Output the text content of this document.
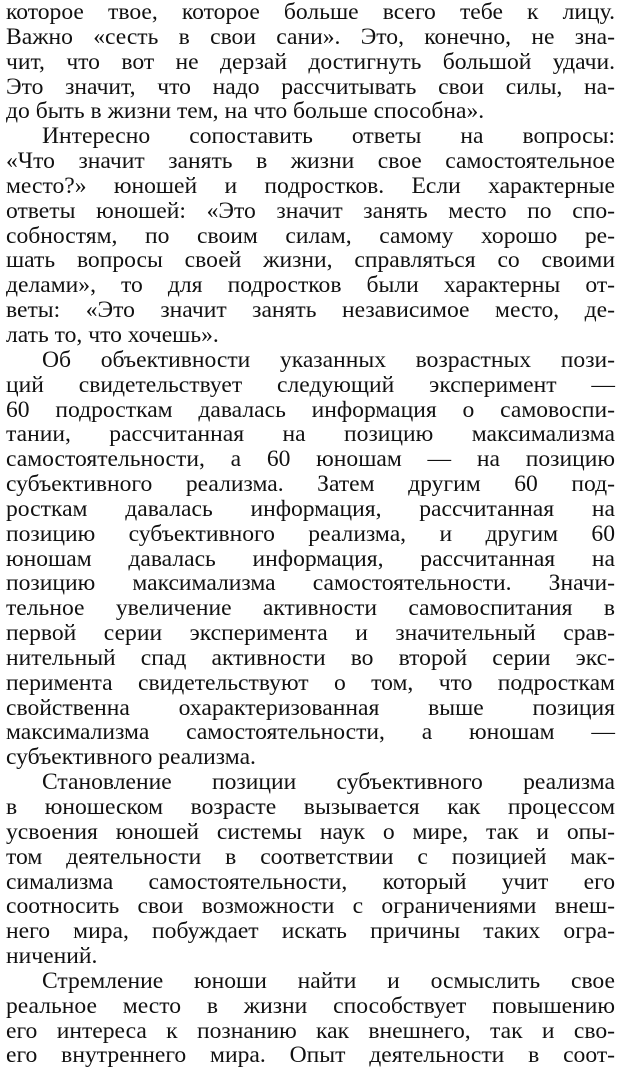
которое твое, которое больше всего тебе к лицу.
Важно «сесть в свои сани». Это, конечно, не зна-
чит, что вот не дерзай достигнуть большой удачи.
Это значит, что надо рассчитывать свои силы, на-
до быть в жизни тем, на что больше способна».
Интересно сопоставить ответы на вопросы:
«Что значит занять в жизни свое самостоятельное
место?» юношей и подростков. Если характерные
ответы юношей: «Это значит занять место по спо-
собностям, по своим силам, самому хорошо ре-
шать вопросы своей жизни, справляться со своими
делами», то для подростков были характерны от-
веты: «Это значит занять независимое место, де-
лать то, что хочешь».
Об объективности указанных возрастных пози-
ций свидетельствует следующий эксперимент —
60 подросткам давалась информация о самовоспи-
тании, рассчитанная на позицию максимализма
самостоятельности, а 60 юношам — на позицию
субъективного реализма. Затем другим 60 под-
росткам давалась информация, рассчитанная на
позицию субъективного реализма, и другим 60
юношам давалась информация, рассчитанная на
позицию максимализма самостоятельности. Значи-
тельное увеличение активности самовоспитания в
первой серии эксперимента и значительный срав-
нительный спад активности во второй серии экс-
перимента свидетельствуют о том, что подросткам
свойственна охарактеризованная выше позиция
максимализма самостоятельности, а юношам —
субъективного реализма.
Становление позиции субъективного реализма
в юношеском возрасте вызывается как процессом
усвоения юношей системы наук о мире, так и опы-
том деятельности в соответствии с позицией мак-
симализма самостоятельности, который учит его
соотносить свои возможности с ограничениями внеш-
него мира, побуждает искать причины таких огра-
ничений.
Стремление юноши найти и осмыслить свое
реальное место в жизни способствует повышению
его интереса к познанию как внешнего, так и сво-
его внутреннего мира. Опыт деятельности в соот-
